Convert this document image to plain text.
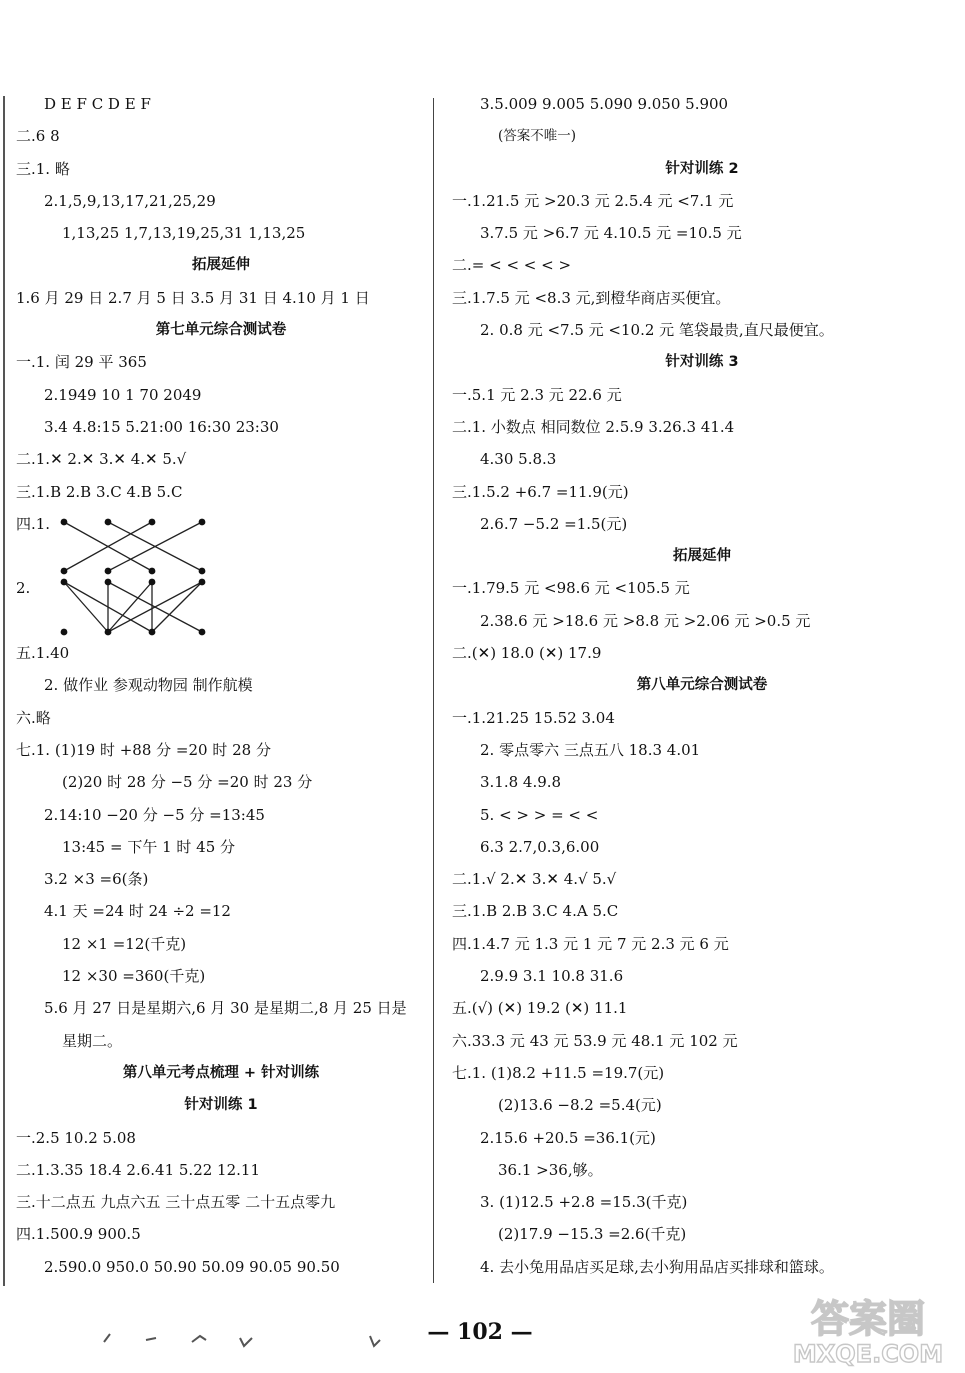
D E F C D E F
二.6 8
三.1. 略
2.1,5,9,13,17,21,25,29
1,13,25 1,7,13,19,25,31 1,13,25
拓展延伸
1.6 月 29 日 2.7 月 5 日 3.5 月 31 日 4.10 月 1 日
第七单元综合测试卷
一.1. 闰 29 平 365
2.1949 10 1 70 2049
3.4 4.8:15 5.21:00 16:30 23:30
二.1.✕ 2.✕ 3.✕ 4.✕ 5.√
三.1.B 2.B 3.C 4.B 5.C
四.1.
2.
五.1.40
2. 做作业 参观动物园 制作航模
六.略
七.1. (1)19 时 +88 分 =20 时 28 分
(2)20 时 28 分 −5 分 =20 时 23 分
2.14:10 −20 分 −5 分 =13:45
13:45 = 下午 1 时 45 分
3.2 ×3 =6(条)
4.1 天 =24 时 24 ÷2 =12
12 ×1 =12(千克)
12 ×30 =360(千克)
5.6 月 27 日是星期六,6 月 30 是星期二,8 月 25 日是
星期二。
第八单元考点梳理 + 针对训练
针对训练 1
一.2.5 10.2 5.08
二.1.3.35 18.4 2.6.41 5.22 12.11
三.十二点五 九点六五 三十点五零 二十五点零九
四.1.500.9 900.5
2.590.0 950.0 50.90 50.09 90.05 90.50
3.5.009 9.005 5.090 9.050 5.900
(答案不唯一)
针对训练 2
一.1.21.5 元 >20.3 元 2.5.4 元 <7.1 元
3.7.5 元 >6.7 元 4.10.5 元 =10.5 元
二.= < < < < >
三.1.7.5 元 <8.3 元,到橙华商店买便宜。
2. 0.8 元 <7.5 元 <10.2 元 笔袋最贵,直尺最便宜。
针对训练 3
一.5.1 元 2.3 元 22.6 元
二.1. 小数点 相同数位 2.5.9 3.26.3 41.4
4.30 5.8.3
三.1.5.2 +6.7 =11.9(元)
2.6.7 −5.2 =1.5(元)
拓展延伸
一.1.79.5 元 <98.6 元 <105.5 元
2.38.6 元 >18.6 元 >8.8 元 >2.06 元 >0.5 元
二.(✕) 18.0 (✕) 17.9
第八单元综合测试卷
一.1.21.25 15.52 3.04
2. 零点零六 三点五八 18.3 4.01
3.1.8 4.9.8
5. < > > = < <
6.3 2.7,0.3,6.00
二.1.√ 2.✕ 3.✕ 4.√ 5.√
三.1.B 2.B 3.C 4.A 5.C
四.1.4.7 元 1.3 元 1 元 7 元 2.3 元 6 元
2.9.9 3.1 10.8 31.6
五.(√) (✕) 19.2 (✕) 11.1
六.33.3 元 43 元 53.9 元 48.1 元 102 元
七.1. (1)8.2 +11.5 =19.7(元)
(2)13.6 −8.2 =5.4(元)
2.15.6 +20.5 =36.1(元)
36.1 >36,够。
3. (1)12.5 +2.8 =15.3(千克)
(2)17.9 −15.3 =2.6(千克)
4. 去小兔用品店买足球,去小狗用品店买排球和篮球。
— 102 —	答案圈
MXQE.COM
